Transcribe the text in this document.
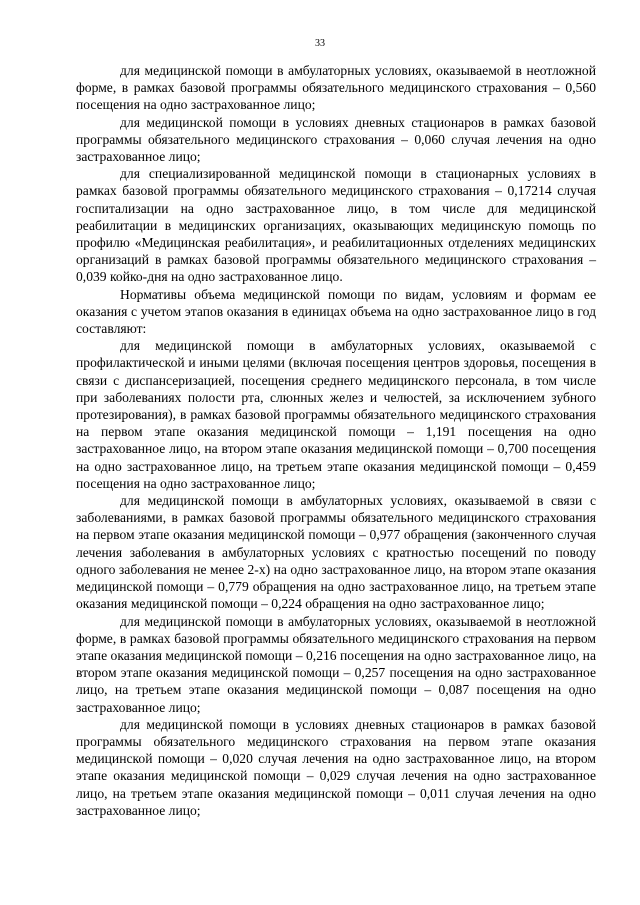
33

для медицинской помощи в амбулаторных условиях, оказываемой в неотложной форме, в рамках базовой программы обязательного медицинского страхования – 0,560 посещения на одно застрахованное лицо;

для медицинской помощи в условиях дневных стационаров в рамках базовой программы обязательного медицинского страхования – 0,060 случая лечения на одно застрахованное лицо;

для специализированной медицинской помощи в стационарных условиях в рамках базовой программы обязательного медицинского страхования – 0,17214 случая госпитализации на одно застрахованное лицо, в том числе для медицинской реабилитации в медицинских организациях, оказывающих медицинскую помощь по профилю «Медицинская реабилитация», и реабилитационных отделениях медицинских организаций в рамках базовой программы обязательного медицинского страхования – 0,039 койко-дня на одно застрахованное лицо.

Нормативы объема медицинской помощи по видам, условиям и формам ее оказания с учетом этапов оказания в единицах объема на одно застрахованное лицо в год составляют:

для медицинской помощи в амбулаторных условиях, оказываемой с профилактической и иными целями (включая посещения центров здоровья, посещения в связи с диспансеризацией, посещения среднего медицинского персонала, в том числе при заболеваниях полости рта, слюнных желез и челюстей, за исключением зубного протезирования), в рамках базовой программы обязательного медицинского страхования на первом этапе оказания медицинской помощи – 1,191 посещения на одно застрахованное лицо, на втором этапе оказания медицинской помощи – 0,700 посещения на одно застрахованное лицо, на третьем этапе оказания медицинской помощи – 0,459 посещения на одно застрахованное лицо;

для медицинской помощи в амбулаторных условиях, оказываемой в связи с заболеваниями, в рамках базовой программы обязательного медицинского страхования на первом этапе оказания медицинской помощи – 0,977 обращения (законченного случая лечения заболевания в амбулаторных условиях с кратностью посещений по поводу одного заболевания не менее 2-х) на одно застрахованное лицо, на втором этапе оказания медицинской помощи – 0,779 обращения на одно застрахованное лицо, на третьем этапе оказания медицинской помощи – 0,224 обращения на одно застрахованное лицо;

для медицинской помощи в амбулаторных условиях, оказываемой в неотложной форме, в рамках базовой программы обязательного медицинского страхования на первом этапе оказания медицинской помощи – 0,216 посещения на одно застрахованное лицо, на втором этапе оказания медицинской помощи – 0,257 посещения на одно застрахованное лицо, на третьем этапе оказания медицинской помощи – 0,087 посещения на одно застрахованное лицо;

для медицинской помощи в условиях дневных стационаров в рамках базовой программы обязательного медицинского страхования на первом этапе оказания медицинской помощи – 0,020 случая лечения на одно застрахованное лицо, на втором этапе оказания медицинской помощи – 0,029 случая лечения на одно застрахованное лицо, на третьем этапе оказания медицинской помощи – 0,011 случая лечения на одно застрахованное лицо;
